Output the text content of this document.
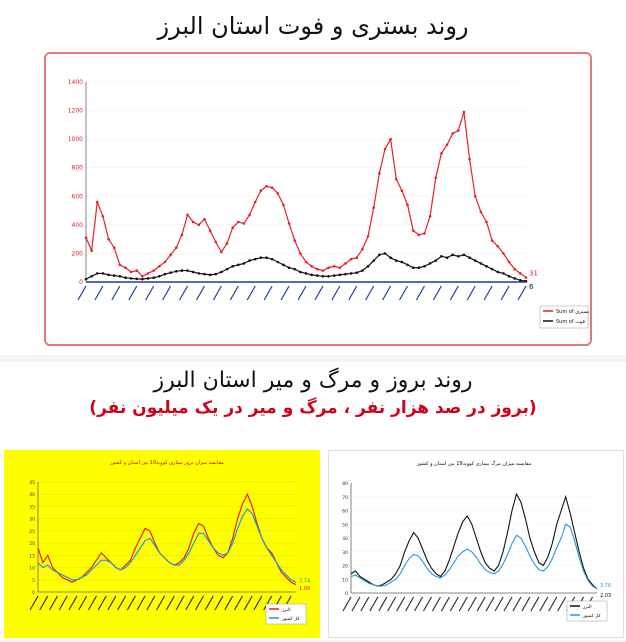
روند بستری و فوت استان البرز
0
200
400
600
800
1000
1200
1400
31
6
Sum of بستری
Sum of فوت
روند بروز و مرگ و میر استان البرز
(بروز در صد هزار نفر ، مرگ و میر در یک میلیون نفر)
مقایسه میزان بروز بیماری کووید19 بین استان و کشور
0
5
10
15
20
25
30
35
40
45
3.74
1.00
البرز
کل کشور
مقایسه میزان مرگ بیماری کووید19 بین استان و کشور
0
10
20
30
40
50
60
70
80
3.76
2.03
البرز
کل کشور
